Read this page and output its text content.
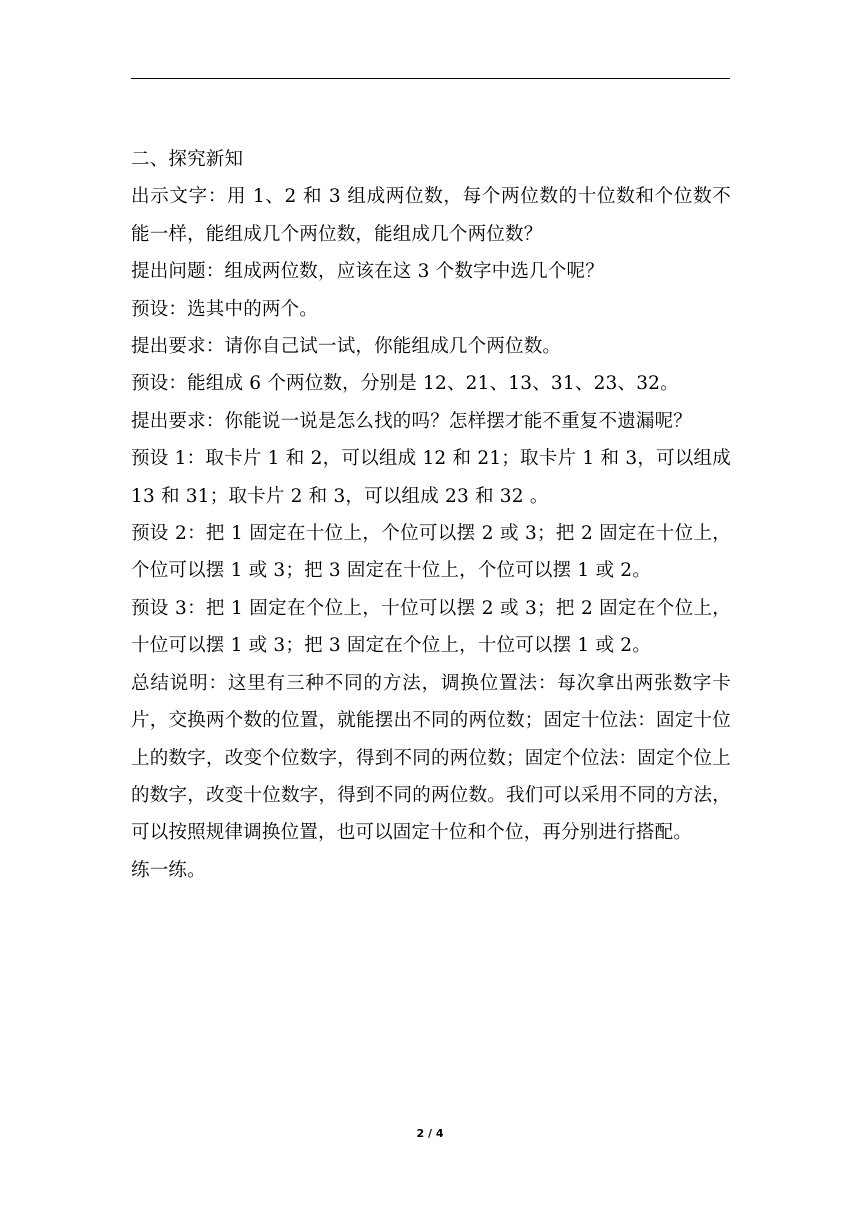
二、探究新知

出示文字：用 1、2 和 3 组成两位数，每个两位数的十位数和个位数不能一样，能组成几个两位数，能组成几个两位数？

提出问题：组成两位数，应该在这 3 个数字中选几个呢？

预设：选其中的两个。

提出要求：请你自己试一试，你能组成几个两位数。

预设：能组成 6 个两位数，分别是 12、21、13、31、23、32。

提出要求：你能说一说是怎么找的吗？怎样摆才能不重复不遗漏呢？

预设 1：取卡片 1 和 2，可以组成 12 和 21；取卡片 1 和 3，可以组成 13 和 31；取卡片 2 和 3，可以组成 23 和 32 。

预设 2：把 1 固定在十位上，个位可以摆 2 或 3；把 2 固定在十位上，个位可以摆 1 或 3；把 3 固定在十位上，个位可以摆 1 或 2。

预设 3：把 1 固定在个位上，十位可以摆 2 或 3；把 2 固定在个位上，十位可以摆 1 或 3；把 3 固定在个位上，十位可以摆 1 或 2。

总结说明：这里有三种不同的方法，调换位置法：每次拿出两张数字卡片，交换两个数的位置，就能摆出不同的两位数；固定十位法：固定十位上的数字，改变个位数字，得到不同的两位数；固定个位法：固定个位上的数字，改变十位数字，得到不同的两位数。我们可以采用不同的方法，可以按照规律调换位置，也可以固定十位和个位，再分别进行搭配。

练一练。

2 / 4
